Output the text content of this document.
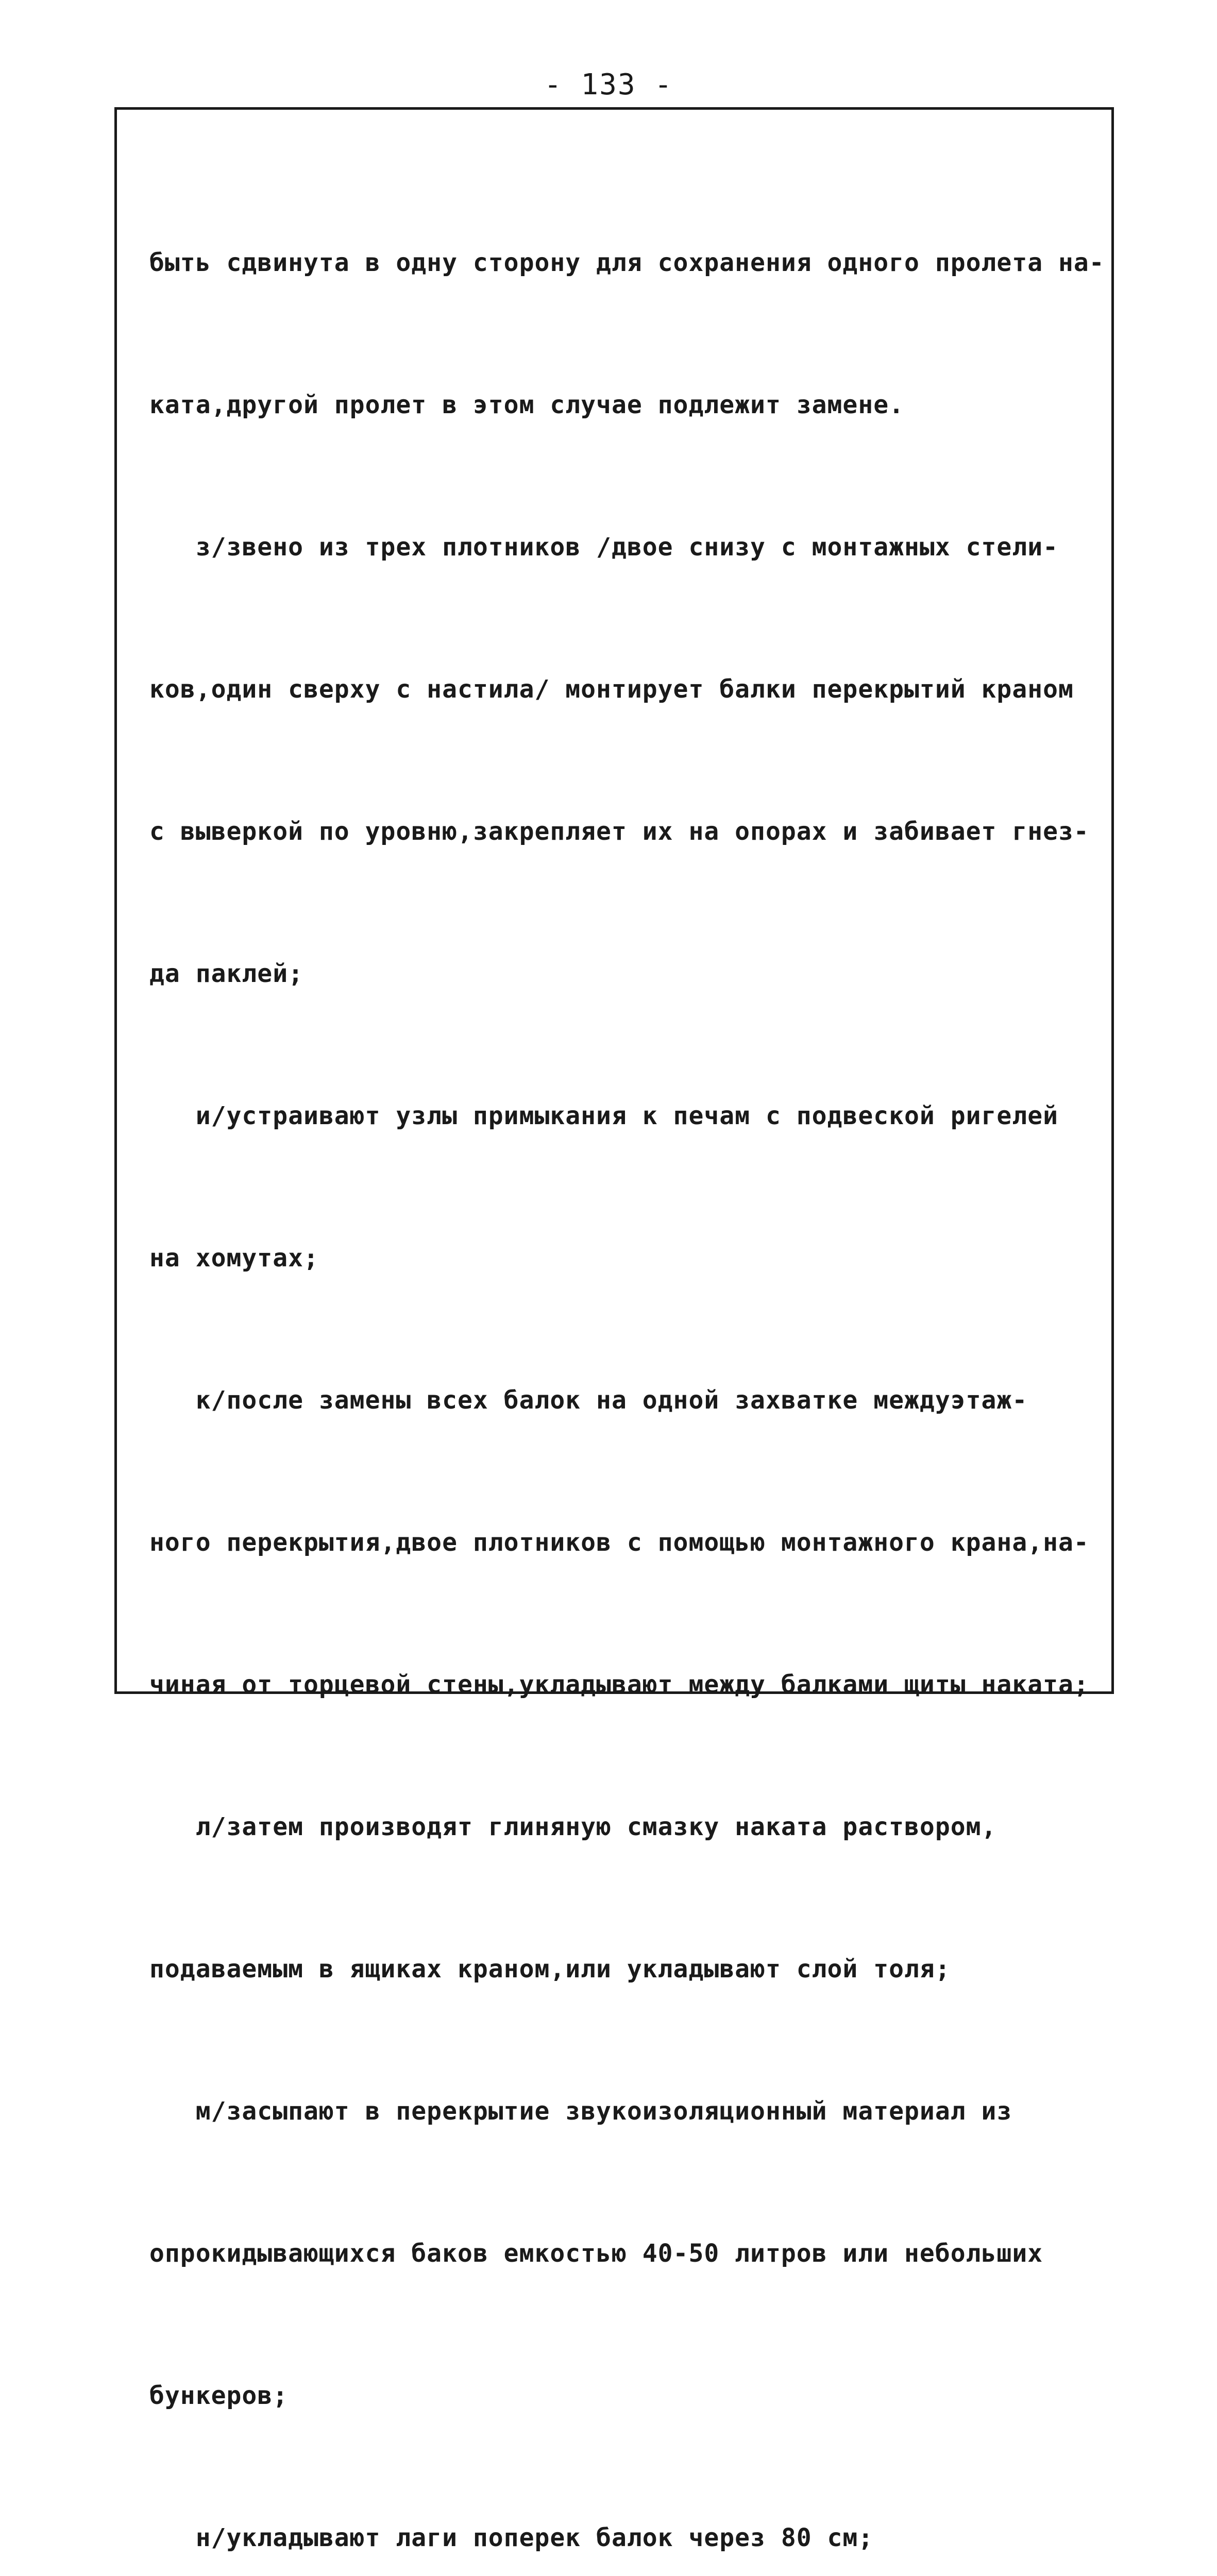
- 133 -

быть сдвинута в одну сторону для сохранения одного пролета на-

ката,другой пролет в этом случае подлежит замене.

з/звено из трех плотников /двое снизу с монтажных стели-

ков,один сверху с настила/ монтирует балки перекрытий краном

с выверкой по уровню,закрепляет их на опорах и забивает гнез-

да паклей;

и/устраивают узлы примыкания к печам с подвеской ригелей

на хомутах;

к/после замены всех балок на одной захватке междуэтаж-

ного перекрытия,двое плотников с помощью монтажного крана,на-

чиная от торцевой стены,укладывают между балками щиты наката;

л/затем производят глиняную смазку наката раствором,

подаваемым в ящиках краном,или укладывают слой толя;

м/засыпают в перекрытие звукоизоляционный материал из

опрокидывающихся баков емкостью 40-50 литров или небольших

бункеров;

н/укладывают лаги поперек балок через 80 см;
